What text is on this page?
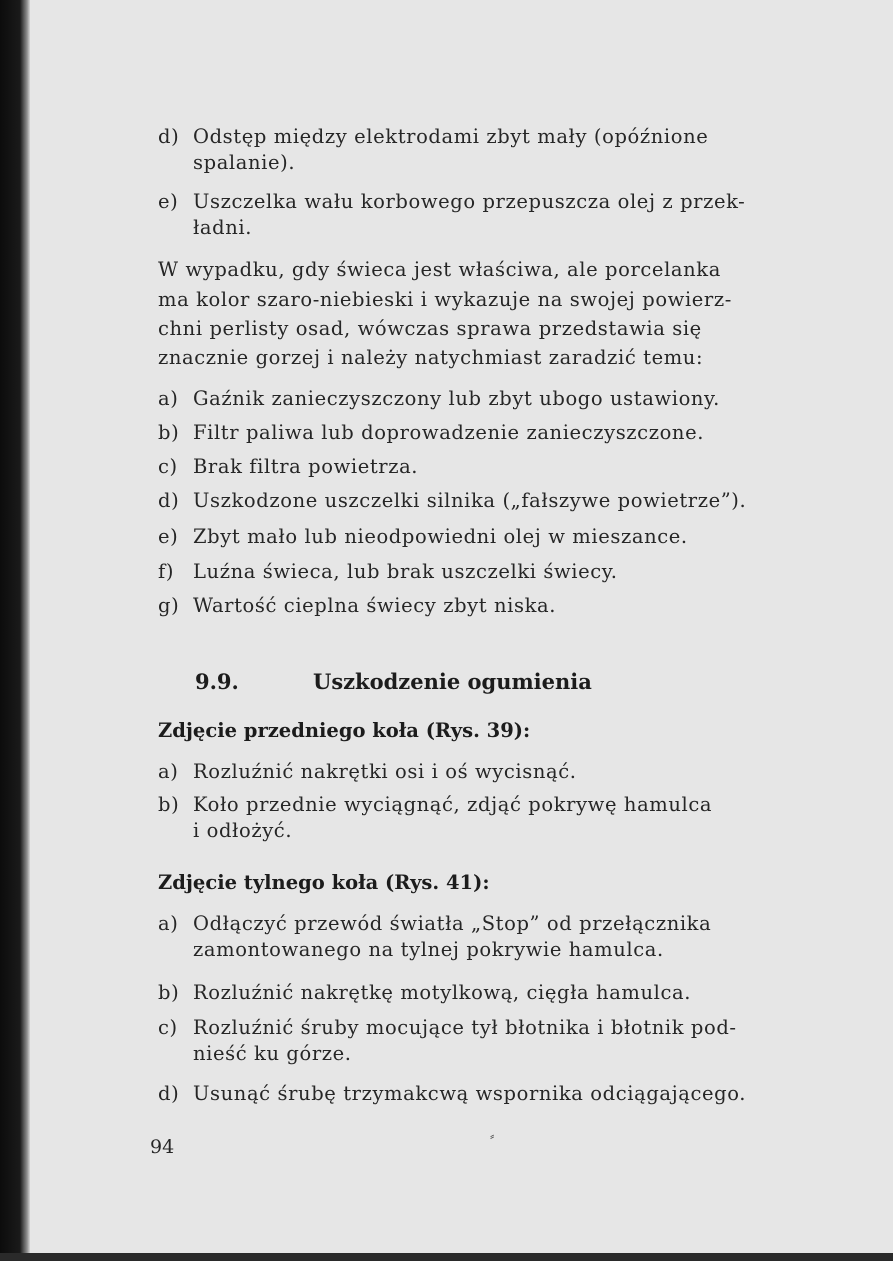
d) Odstęp między elektrodami zbyt mały (opóźnione

spalanie).

e) Uszczelka wału korbowego przepuszcza olej z przek-

ładni.

W wypadku, gdy świeca jest właściwa, ale porcelanka

ma kolor szaro-niebieski i wykazuje na swojej powierz-

chni perlisty osad, wówczas sprawa przedstawia się

znacznie gorzej i należy natychmiast zaradzić temu:

a) Gaźnik zanieczyszczony lub zbyt ubogo ustawiony.

b) Filtr paliwa lub doprowadzenie zanieczyszczone.

c) Brak filtra powietrza.

d) Uszkodzone uszczelki silnika („fałszywe powietrze”).

e) Zbyt mało lub nieodpowiedni olej w mieszance.

f) Luźna świeca, lub brak uszczelki świecy.

g) Wartość cieplna świecy zbyt niska.

9.9.	Uszkodzenie ogumienia
Zdjęcie przedniego koła (Rys. 39):
a) Rozluźnić nakrętki osi i oś wycisnąć.

b) Koło przednie wyciągnąć, zdjąć pokrywę hamulca

i odłożyć.

Zdjęcie tylnego koła (Rys. 41):
a) Odłączyć przewód światła „Stop” od przełącznika

zamontowanego na tylnej pokrywie hamulca.

b) Rozluźnić nakrętkę motylkową, cięgła hamulca.

c) Rozluźnić śruby mocujące tył błotnika i błotnik pod-

nieść ku górze.

d) Usunąć śrubę trzymakcwą wspornika odciągającego.

94	⸗
